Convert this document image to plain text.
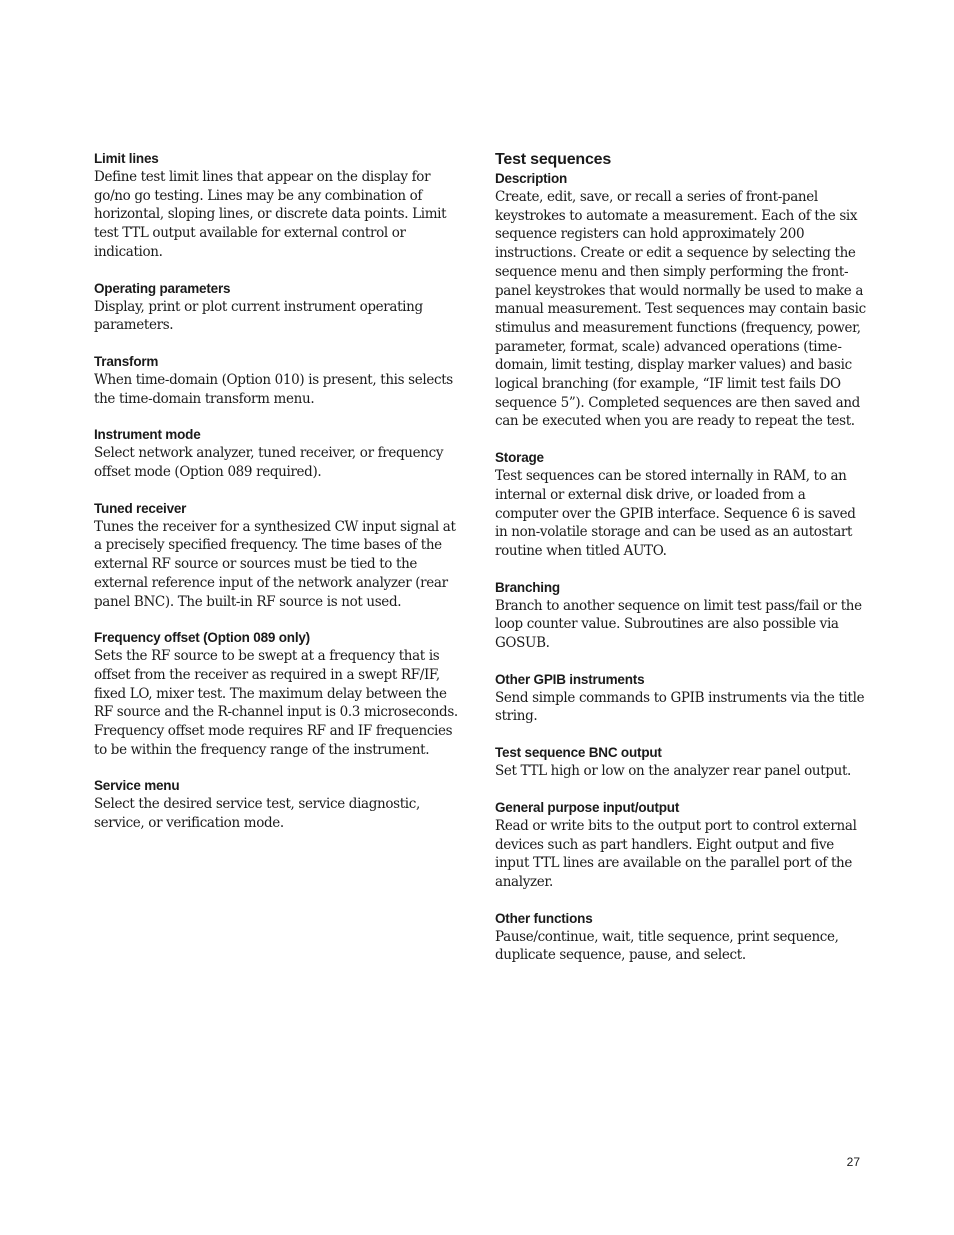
Limit lines

Define test limit lines that appear on the display for go/no go testing. Lines may be any combination of horizontal, sloping lines, or discrete data points. Limit test TTL output available for external control or indication.

Operating parameters

Display, print or plot current instrument operating parameters.

Transform

When time-domain (Option 010) is present, this selects the time-domain transform menu.

Instrument mode

Select network analyzer, tuned receiver, or frequency offset mode (Option 089 required).

Tuned receiver

Tunes the receiver for a synthesized CW input signal at a precisely specified frequency. The time bases of the external RF source or sources must be tied to the external reference input of the network analyzer (rear panel BNC). The built-in RF source is not used.

Frequency offset (Option 089 only)

Sets the RF source to be swept at a frequency that is offset from the receiver as required in a swept RF/IF, fixed LO, mixer test. The maximum delay between the RF source and the R-channel input is 0.3 microseconds. Frequency offset mode requires RF and IF frequencies to be within the frequency range of the instrument.

Service menu

Select the desired service test, service diagnostic, service, or verification mode.

Test sequences
Description

Create, edit, save, or recall a series of front-panel keystrokes to automate a measurement. Each of the six sequence registers can hold approximately 200 instructions. Create or edit a sequence by selecting the sequence menu and then simply performing the front-panel keystrokes that would normally be used to make a manual measurement. Test sequences may contain basic stimulus and measurement functions (frequency, power, parameter, format, scale) advanced operations (time-domain, limit testing, display marker values) and basic logical branching (for example, “IF limit test fails DO sequence 5”). Completed sequences are then saved and can be executed when you are ready to repeat the test.

Storage

Test sequences can be stored internally in RAM, to an internal or external disk drive, or loaded from a computer over the GPIB interface. Sequence 6 is saved in non-volatile storage and can be used as an autostart routine when titled AUTO.

Branching

Branch to another sequence on limit test pass/fail or the loop counter value. Subroutines are also possible via GOSUB.

Other GPIB instruments

Send simple commands to GPIB instruments via the title string.

Test sequence BNC output

Set TTL high or low on the analyzer rear panel output.

General purpose input/output

Read or write bits to the output port to control external devices such as part handlers. Eight output and five input TTL lines are available on the parallel port of the analyzer.

Other functions

Pause/continue, wait, title sequence, print sequence, duplicate sequence, pause, and select.

27
